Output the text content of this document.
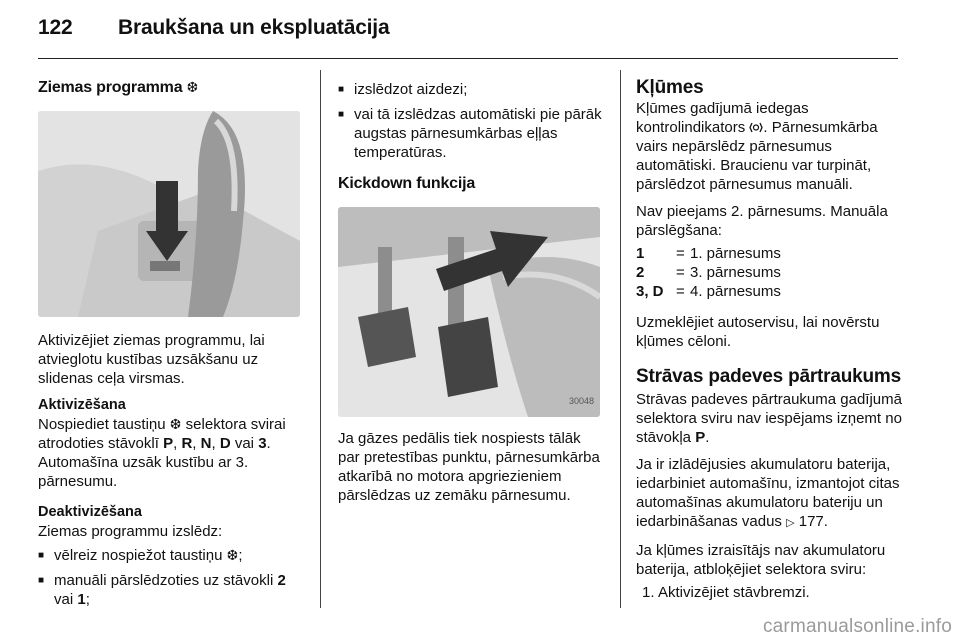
122 Braukšana un ekspluatācija
Ziemas programma ❆

Aktivizējiet ziemas programmu, lai atvieglotu kustības uzsākšanu uz slidenas ceļa virsmas.

Aktivizēšana

Nospiediet taustiņu ❆ selektora svirai atrodoties stāvoklī P, R, N, D vai 3.
Automašīna uzsāk kustību ar 3. pārnesumu.

Deaktivizēšana

Ziemas programmu izslēdz:

■ vēlreiz nospiežot taustiņu ❆;
■ manuāli pārslēdzoties uz stāvokli 2 vai 1;
■ izslēdzot aizdezi;
■ vai tā izslēdzas automātiski pie pārāk augstas pārnesumkārbas eļļas temperatūras.
Kickdown funkcija
30048

Ja gāzes pedālis tiek nospiests tālāk par pretestības punktu, pārnesumkārba atkarībā no motora apgriezieniem pārslēdzas uz zemāku pārnesumu.

Kļūmes

Kļūmes gadījumā iedegas kontrolindikators . Pārnesumkārba vairs nepārslēdz pārnesumus automātiski. Braucienu var turpināt, pārslēdzot pārnesumus manuāli.

Nav pieejams 2. pārnesums. Manuāla pārslēgšana:

1	= 1. pārnesums
2	= 3. pārnesums
3, D = 4. pārnesums

Uzmeklējiet autoservisu, lai novērstu kļūmes cēloni.

Strāvas padeves pārtraukums

Strāvas padeves pārtraukuma gadījumā selektora sviru nav iespējams izņemt no stāvokļa P.

Ja ir izlādējusies akumulatoru baterija, iedarbiniet automašīnu, izmantojot citas automašīnas akumulatoru bateriju un iedarbināšanas vadus ▷ 177.

Ja kļūmes izraisītājs nav akumulatoru baterija, atbloķējiet selektora sviru:

1. Aktivizējiet stāvbremzi.
carmanualsonline.info
